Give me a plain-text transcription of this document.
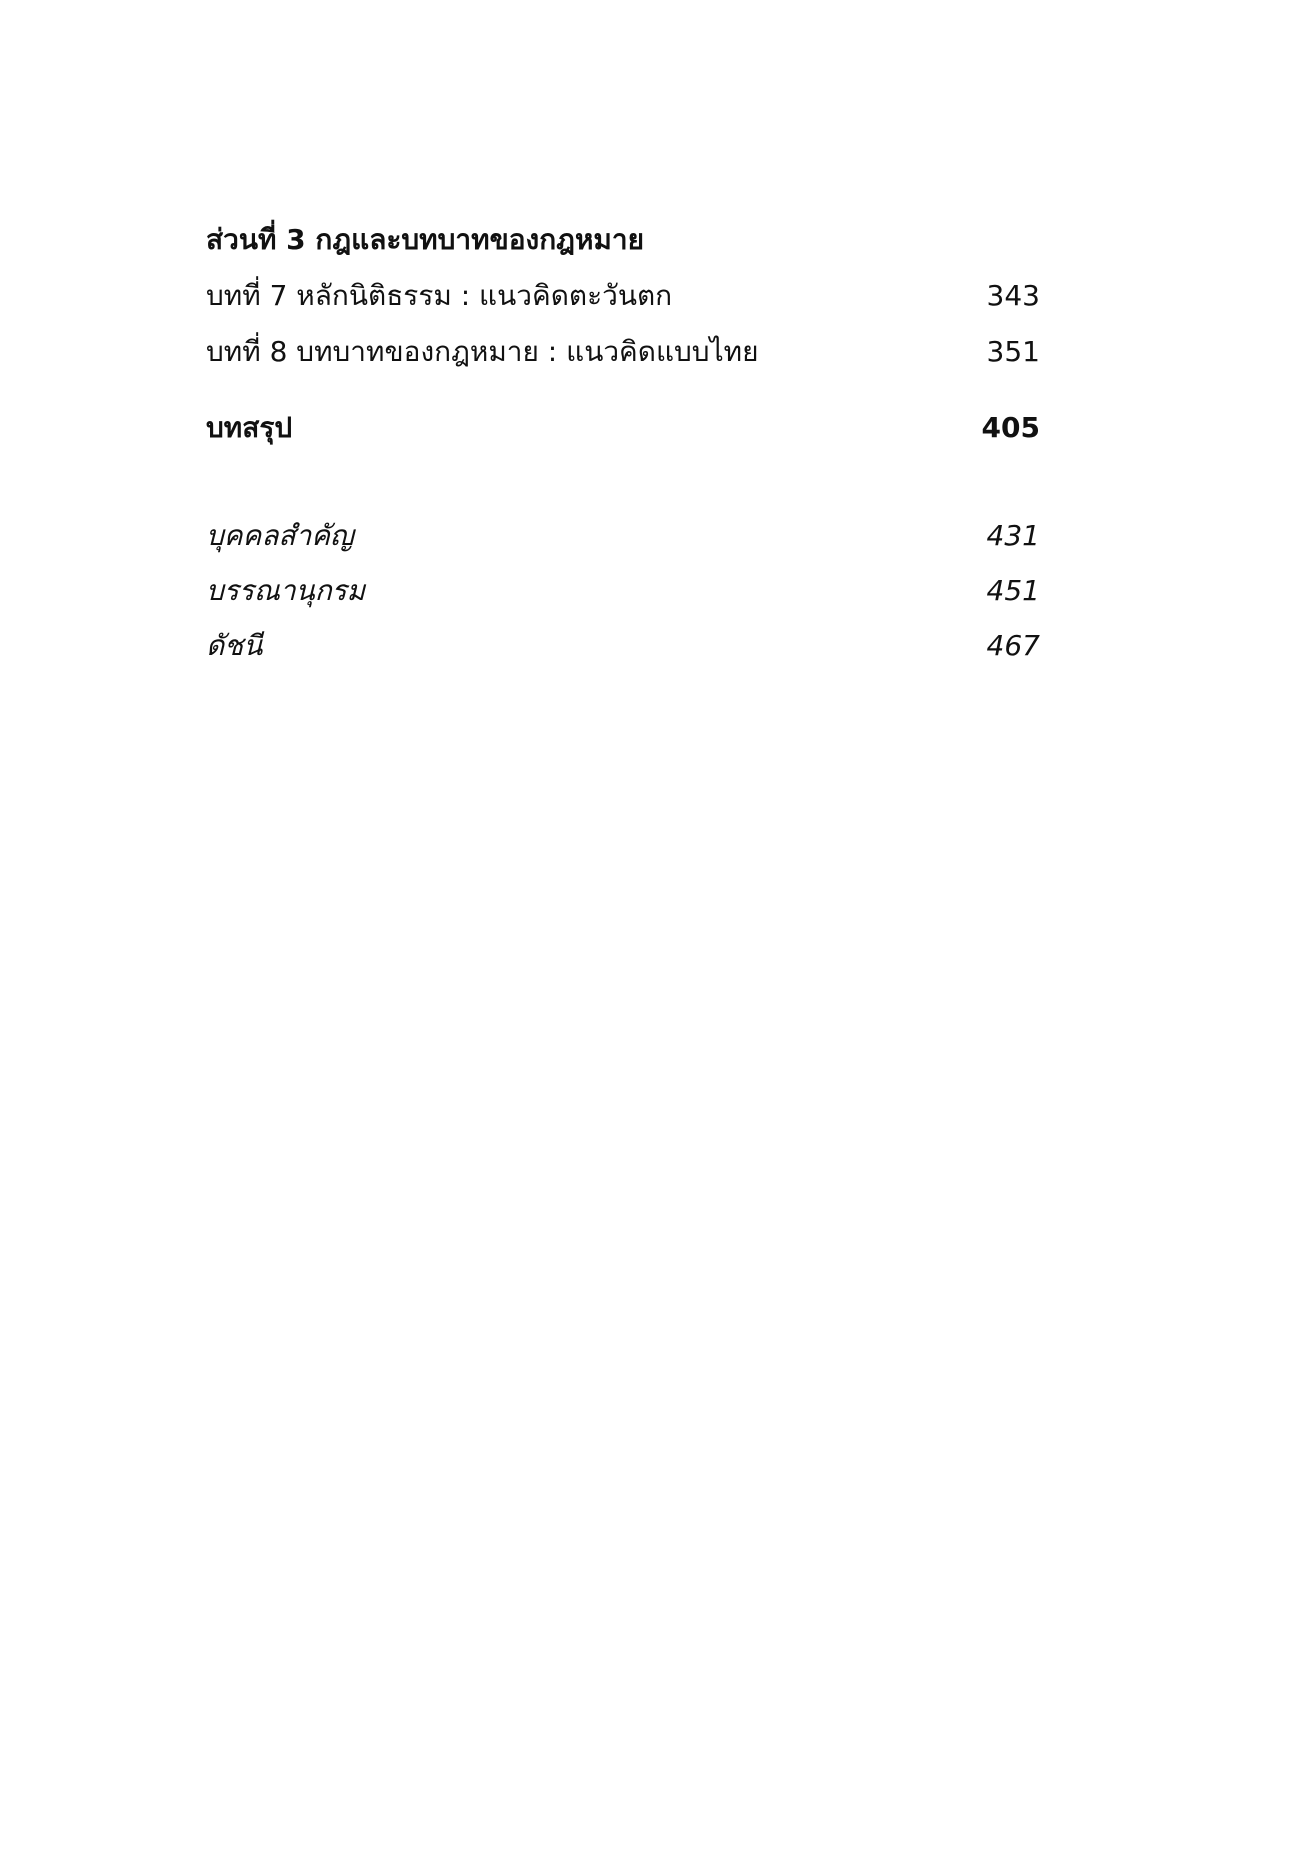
ส่วนที่ 3 กฎและบทบาทของกฎหมาย
บทที่ 7 หลักนิติธรรม : แนวคิดตะวันตก	343
บทที่ 8 บทบาทของกฎหมาย : แนวคิดแบบไทย	351
บทสรุป	405
บุคคลสำคัญ	431
บรรณานุกรม	451
ดัชนี	467
